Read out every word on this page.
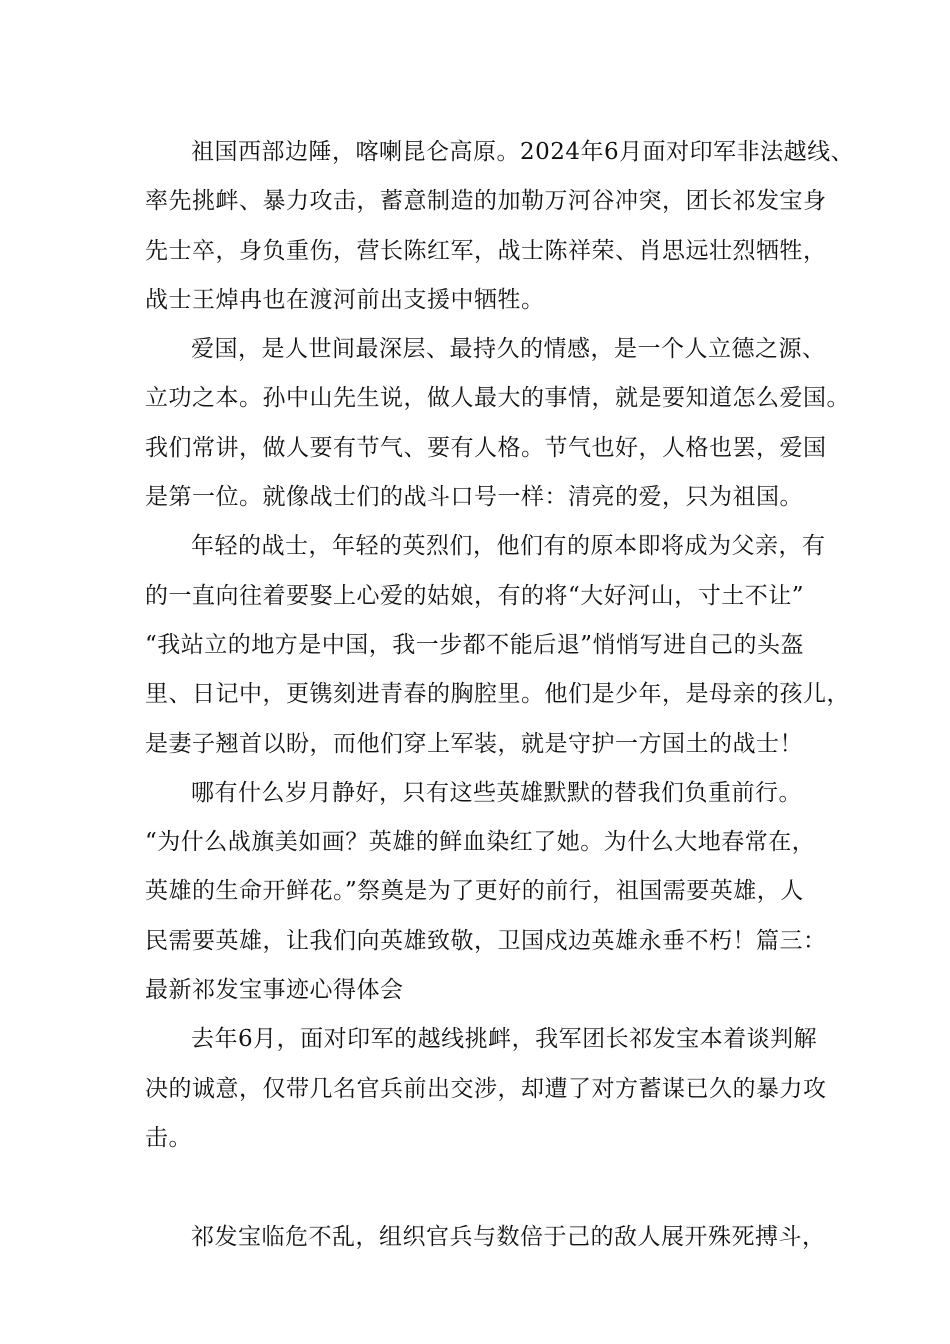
祖国西部边陲，喀喇昆仑高原。2024年6月面对印军非法越线、
率先挑衅、暴力攻击，蓄意制造的加勒万河谷冲突，团长祁发宝身
先士卒，身负重伤，营长陈红军，战士陈祥荣、肖思远壮烈牺牲，
战士王焯冉也在渡河前出支援中牺牲。
爱国，是人世间最深层、最持久的情感，是一个人立德之源、
立功之本。孙中山先生说，做人最大的事情，就是要知道怎么爱国。
我们常讲，做人要有节气、要有人格。节气也好，人格也罢，爱国
是第一位。就像战士们的战斗口号一样：清亮的爱，只为祖国。
年轻的战士，年轻的英烈们，他们有的原本即将成为父亲，有
的一直向往着要娶上心爱的姑娘，有的将“大好河山，寸土不让”
“我站立的地方是中国，我一步都不能后退”悄悄写进自己的头盔
里、日记中，更镌刻进青春的胸腔里。他们是少年，是母亲的孩儿，
是妻子翘首以盼，而他们穿上军装，就是守护一方国土的战士！
哪有什么岁月静好，只有这些英雄默默的替我们负重前行。
“为什么战旗美如画？英雄的鲜血染红了她。为什么大地春常在，
英雄的生命开鲜花。”祭奠是为了更好的前行，祖国需要英雄，人
民需要英雄，让我们向英雄致敬，卫国戍边英雄永垂不朽！篇三：
最新祁发宝事迹心得体会
去年6月，面对印军的越线挑衅，我军团长祁发宝本着谈判解
决的诚意，仅带几名官兵前出交涉，却遭了对方蓄谋已久的暴力攻
击。
祁发宝临危不乱，组织官兵与数倍于己的敌人展开殊死搏斗，
